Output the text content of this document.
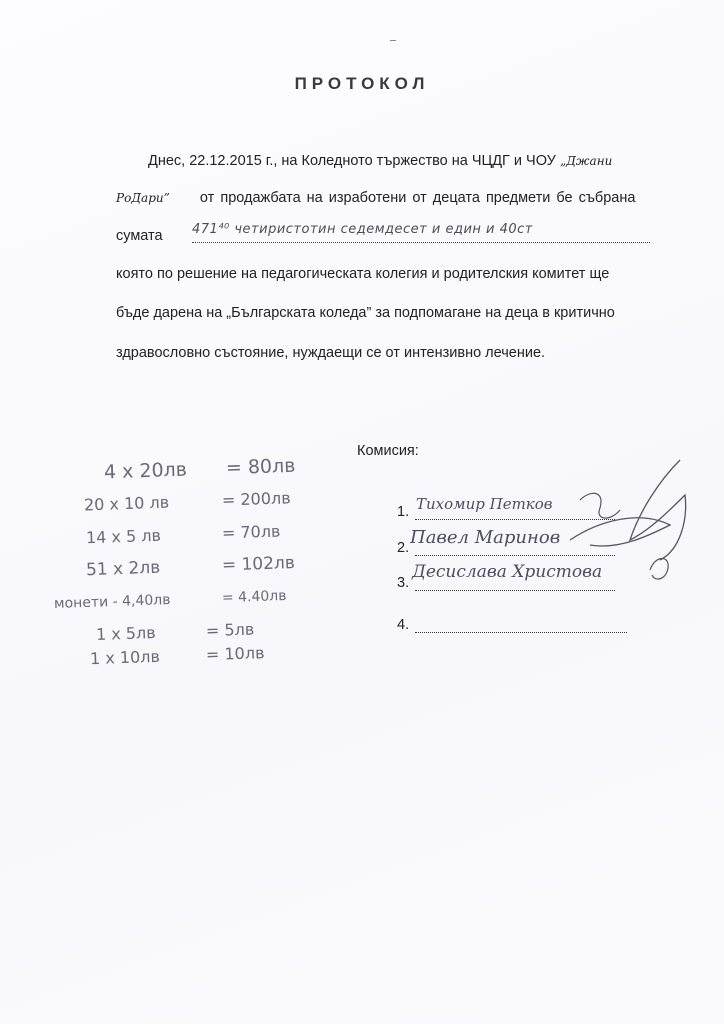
ПРОТОКОЛ
Днес, 22.12.2015 г., на Коледното тържество на ЧЦДГ и ЧОУ „Джани
РоДари” от продажбата на изработени от децата предмети бе събрана
сумата 471⁴⁰ четиристотин седемдесет и един и 40ст
която по решение на педагогическата колегия и родителския комитет ще
бъде дарена на „Българската коледа” за подпомагане на деца в критично
здравословно състояние, нуждаещи се от интензивно лечение.
4 x 20лв = 80лв
20 x 10 лв	= 200лв
14 x 5 лв	= 70лв
51 x 2лв	= 102лв
монети - 4,40лв	= 4.40лв
1 x 5лв	= 5лв
1 x 10лв	= 10лв
Комисия:
1. Тихомир Петков
2. Павел Маринов
3.
Десислава Христова
4.
